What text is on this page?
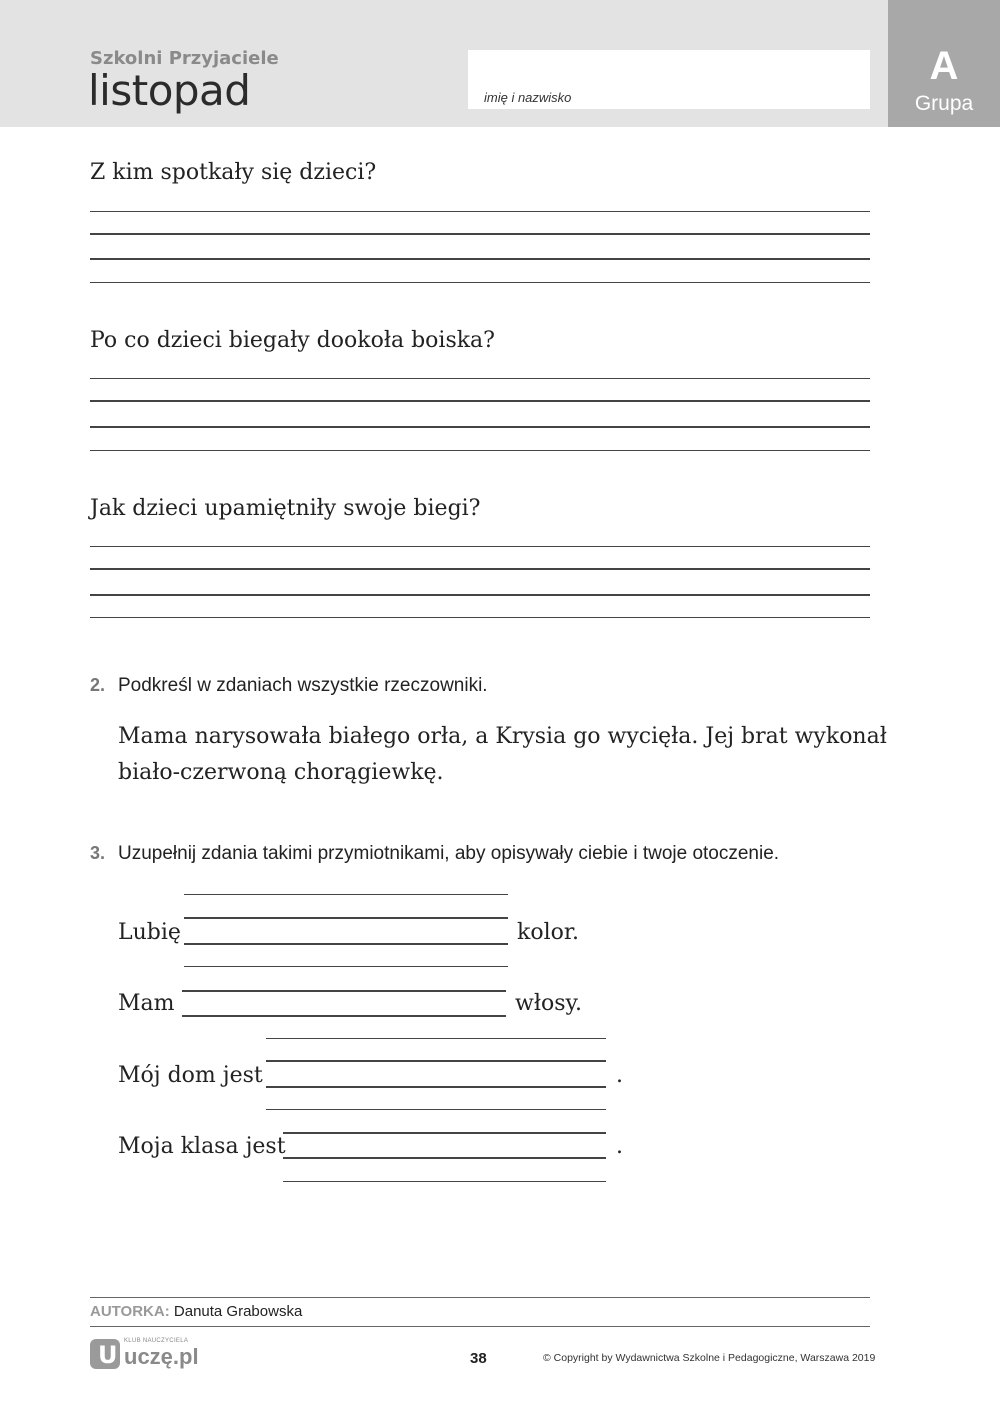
Szkolni Przyjaciele
listopad	imię i nazwisko
A
Grupa
Z kim spotkały się dzieci?
Po co dzieci biegały dookoła boiska?
Jak dzieci upamiętniły swoje biegi?
2. Podkreśl w zdaniach wszystkie rzeczowniki.
Mama narysowała białego orła, a Krysia go wycięła. Jej brat wykonał
biało-czerwoną chorągiewkę.
3. Uzupełnij zdania takimi przymiotnikami, aby opisywały ciebie i twoje otoczenie.
Lubię	kolor.
Mam	włosy.
Mój dom jest	.
Moja klasa jest	.
AUTORKA: Danuta Grabowska
U KLUB NAUCZYCIELA
uczę.pl	38	© Copyright by Wydawnictwa Szkolne i Pedagogiczne, Warszawa 2019
